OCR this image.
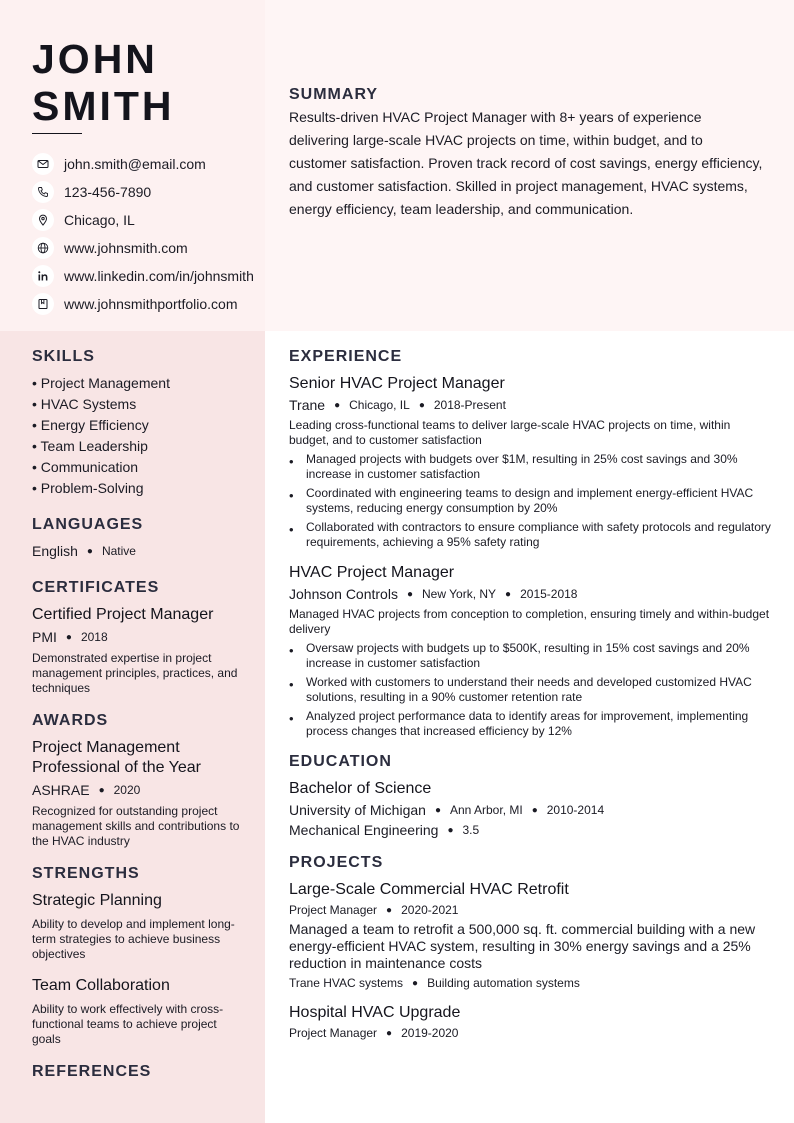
JOHN
SMITH
john.smith@email.com
123-456-7890
Chicago, IL
www.johnsmith.com
www.linkedin.com/in/johnsmith
www.johnsmithportfolio.com
SUMMARY
Results-driven HVAC Project Manager with 8+ years of experience delivering large-scale HVAC projects on time, within budget, and to customer satisfaction. Proven track record of cost savings, energy efficiency, and customer satisfaction. Skilled in project management, HVAC systems, energy efficiency, team leadership, and communication.
SKILLS
• Project Management
• HVAC Systems
• Energy Efficiency
• Team Leadership
• Communication
• Problem-Solving
LANGUAGES
English ● Native
CERTIFICATES
Certified Project Manager
PMI ● 2018
Demonstrated expertise in project management principles, practices, and techniques
AWARDS
Project Management Professional of the Year
ASHRAE ● 2020
Recognized for outstanding project management skills and contributions to the HVAC industry
STRENGTHS
Strategic Planning
Ability to develop and implement long-term strategies to achieve business objectives
Team Collaboration
Ability to work effectively with cross-functional teams to achieve project goals
REFERENCES
EXPERIENCE
Senior HVAC Project Manager
Trane ● Chicago, IL ● 2018-Present
Leading cross-functional teams to deliver large-scale HVAC projects on time, within budget, and to customer satisfaction
• Managed projects with budgets over $1M, resulting in 25% cost savings and 30% increase in customer satisfaction
• Coordinated with engineering teams to design and implement energy-efficient HVAC systems, reducing energy consumption by 20%
• Collaborated with contractors to ensure compliance with safety protocols and regulatory requirements, achieving a 95% safety rating
HVAC Project Manager
Johnson Controls ● New York, NY ● 2015-2018
Managed HVAC projects from conception to completion, ensuring timely and within-budget delivery
• Oversaw projects with budgets up to $500K, resulting in 15% cost savings and 20% increase in customer satisfaction
• Worked with customers to understand their needs and developed customized HVAC solutions, resulting in a 90% customer retention rate
• Analyzed project performance data to identify areas for improvement, implementing process changes that increased efficiency by 12%
EDUCATION
Bachelor of Science
University of Michigan ● Ann Arbor, MI ● 2010-2014
Mechanical Engineering ● 3.5
PROJECTS
Large-Scale Commercial HVAC Retrofit
Project Manager ● 2020-2021
Managed a team to retrofit a 500,000 sq. ft. commercial building with a new energy-efficient HVAC system, resulting in 30% energy savings and a 25% reduction in maintenance costs
Trane HVAC systems ● Building automation systems
Hospital HVAC Upgrade
Project Manager ● 2019-2020
